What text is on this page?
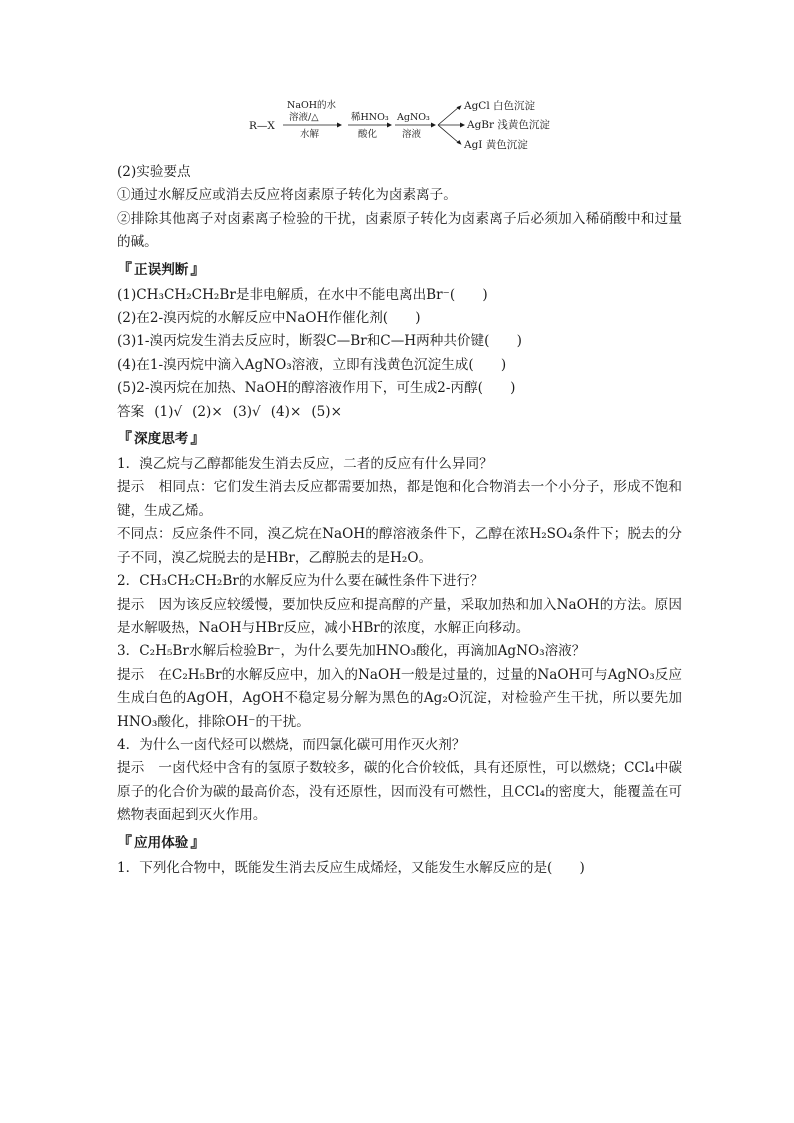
R—X
NaOH的水
溶液/△
水解
稀HNO₃
酸化
AgNO₃
溶液
AgCl 白色沉淀
AgBr 浅黄色沉淀
AgI 黄色沉淀
(2)实验要点
①通过水解反应或消去反应将卤素原子转化为卤素离子。
②排除其他离子对卤素离子检验的干扰，卤素原子转化为卤素离子后必须加入稀硝酸中和过量的碱。
『 正误判断 』
(1)CH₃CH₂CH₂Br是非电解质，在水中不能电离出Br⁻(　　)
(2)在2-溴丙烷的水解反应中NaOH作催化剂(　　)
(3)1-溴丙烷发生消去反应时，断裂C—Br和C—H两种共价键(　　)
(4)在1-溴丙烷中滴入AgNO₃溶液，立即有浅黄色沉淀生成(　　)
(5)2-溴丙烷在加热、NaOH的醇溶液作用下，可生成2-丙醇(　　)
答案 (1)√ (2)× (3)√ (4)× (5)×
『 深度思考 』
1．溴乙烷与乙醇都能发生消去反应，二者的反应有什么异同？
提示 相同点：它们发生消去反应都需要加热，都是饱和化合物消去一个小分子，形成不饱和键，生成乙烯。
不同点：反应条件不同，溴乙烷在NaOH的醇溶液条件下，乙醇在浓H₂SO₄条件下；脱去的分子不同，溴乙烷脱去的是HBr，乙醇脱去的是H₂O。
2．CH₃CH₂CH₂Br的水解反应为什么要在碱性条件下进行？
提示 因为该反应较缓慢，要加快反应和提高醇的产量，采取加热和加入NaOH的方法。原因是水解吸热，NaOH与HBr反应，减小HBr的浓度，水解正向移动。
3．C₂H₅Br水解后检验Br⁻，为什么要先加HNO₃酸化，再滴加AgNO₃溶液？
提示 在C₂H₅Br的水解反应中，加入的NaOH一般是过量的，过量的NaOH可与AgNO₃反应生成白色的AgOH，AgOH不稳定易分解为黑色的Ag₂O沉淀，对检验产生干扰，所以要先加HNO₃酸化，排除OH⁻的干扰。
4．为什么一卤代烃可以燃烧，而四氯化碳可用作灭火剂？
提示 一卤代烃中含有的氢原子数较多，碳的化合价较低，具有还原性，可以燃烧；CCl₄中碳原子的化合价为碳的最高价态，没有还原性，因而没有可燃性，且CCl₄的密度大，能覆盖在可燃物表面起到灭火作用。
『 应用体验 』
1．下列化合物中，既能发生消去反应生成烯烃，又能发生水解反应的是(　　)
